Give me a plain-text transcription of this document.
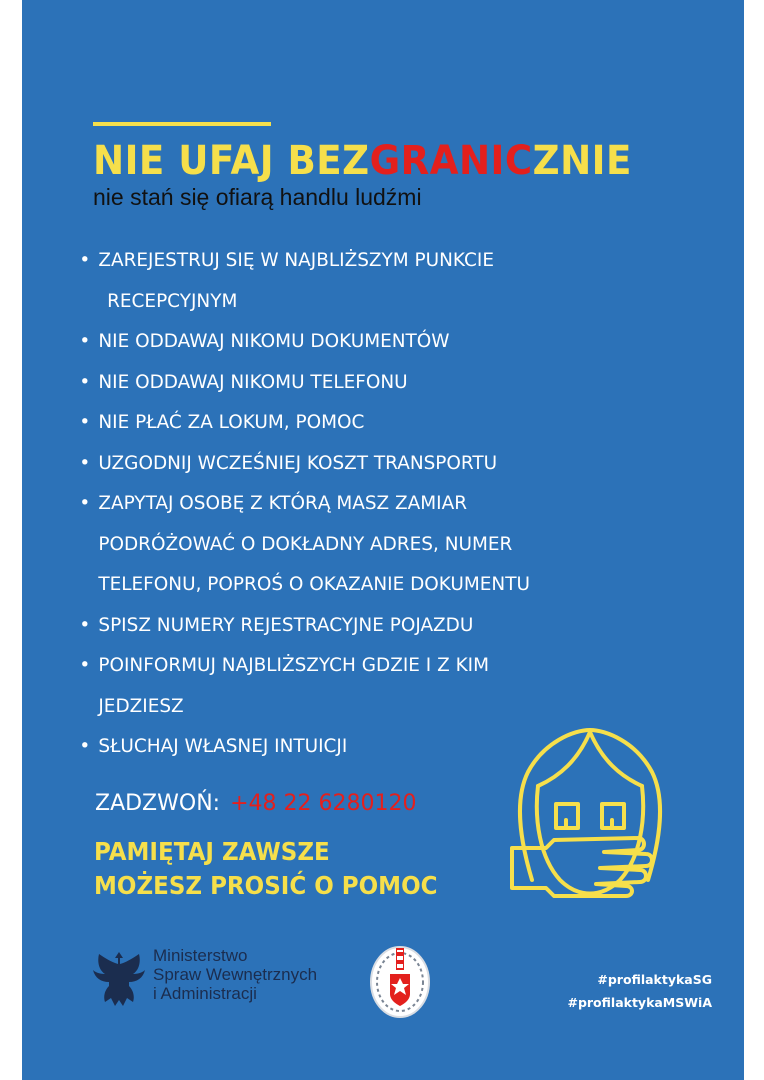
NIE UFAJ BEZGRANICZNIE
nie stań się ofiarą handlu ludźmi
• ZAREJESTRUJ SIĘ W NAJBLIŻSZYM PUNKCIE
RECEPCYJNYM
• NIE ODDAWAJ NIKOMU DOKUMENTÓW
• NIE ODDAWAJ NIKOMU TELEFONU
• NIE PŁAĆ ZA LOKUM, POMOC
• UZGODNIJ WCZEŚNIEJ KOSZT TRANSPORTU
• ZAPYTAJ OSOBĘ Z KTÓRĄ MASZ ZAMIAR
PODRÓŻOWAĆ O DOKŁADNY ADRES, NUMER
TELEFONU, POPROŚ O OKAZANIE DOKUMENTU
• SPISZ NUMERY REJESTRACYJNE POJAZDU
• POINFORMUJ NAJBLIŻSZYCH GDZIE I Z KIM
JEDZIESZ
• SŁUCHAJ WŁASNEJ INTUICJI
ZADZWOŃ: +48 22 6280120
PAMIĘTAJ ZAWSZE
MOŻESZ PROSIĆ O POMOC
Ministerstwo
Spraw Wewnętrznych
i Administracji
#profilaktykaSG
#profilaktykaMSWiA
